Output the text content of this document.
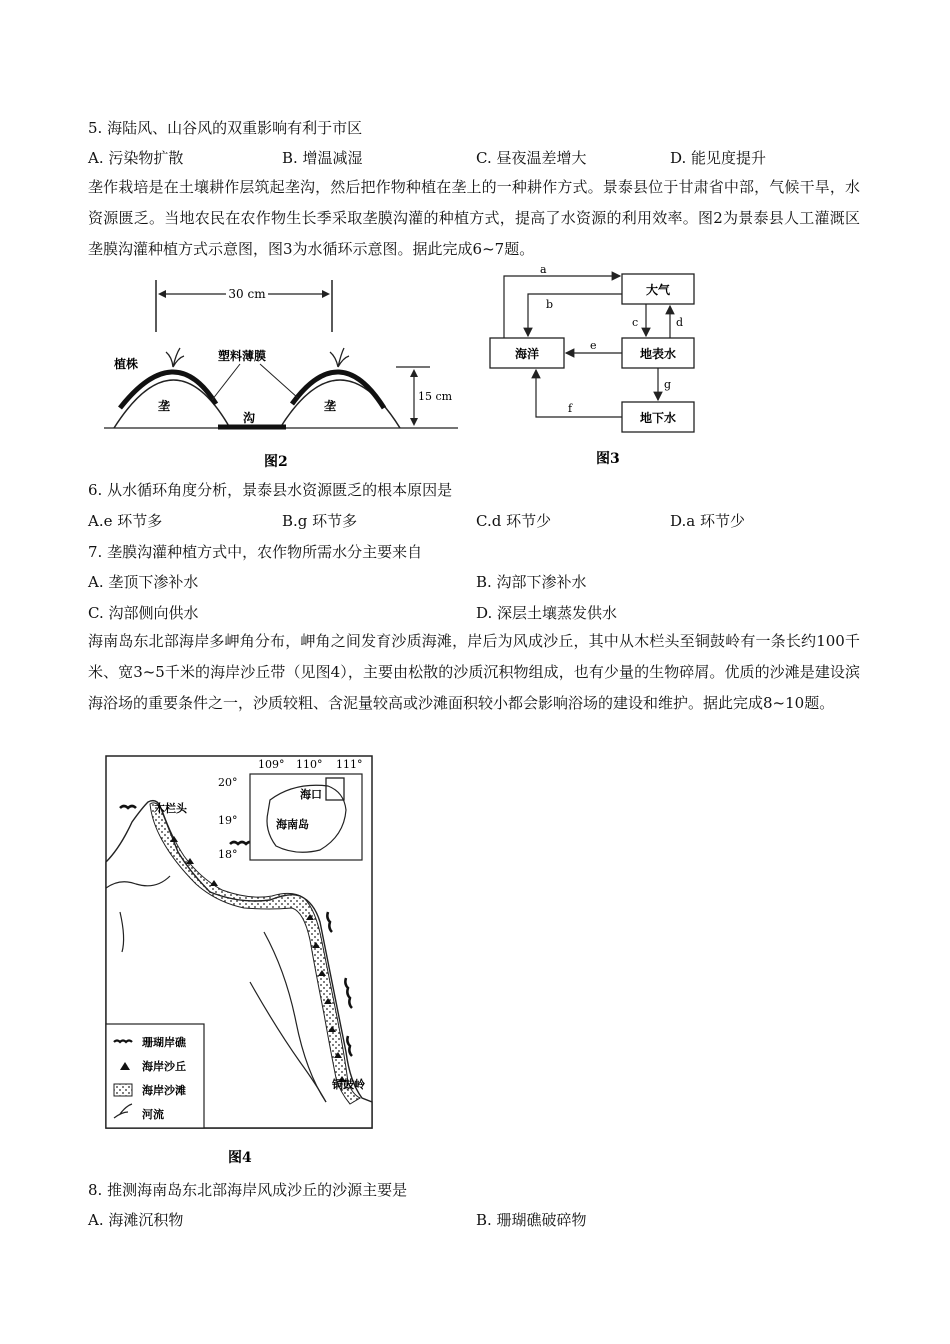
5. 海陆风、山谷风的双重影响有利于市区
A. 污染物扩散	B. 增温减湿	C. 昼夜温差增大	D. 能见度提升
垄作栽培是在土壤耕作层筑起垄沟，然后把作物种植在垄上的一种耕作方式。景泰县位于甘肃省中部，气候干旱，水资源匮乏。当地农民在农作物生长季采取垄膜沟灌的种植方式，提高了水资源的利用效率。图2为景泰县人工灌溉区垄膜沟灌种植方式示意图，图3为水循环示意图。据此完成6~7题。
30 cm
15 cm
植株
塑料薄膜
垄	垄
沟
图2
大气
海洋	地表水
地下水
a
b
c	d
e
g
f
图3
6. 从水循环角度分析，景泰县水资源匮乏的根本原因是
A.e 环节多	B.g 环节多	C.d 环节少	D.a 环节少
7. 垄膜沟灌种植方式中，农作物所需水分主要来自
A. 垄顶下渗补水	B. 沟部下渗补水
C. 沟部侧向供水	D. 深层土壤蒸发供水
海南岛东北部海岸多岬角分布，岬角之间发育沙质海滩，岸后为风成沙丘，其中从木栏头至铜鼓岭有一条长约100千米、宽3~5千米的海岸沙丘带（见图4），主要由松散的沙质沉积物组成，也有少量的生物碎屑。优质的沙滩是建设滨海浴场的重要条件之一，沙质较粗、含泥量较高或沙滩面积较小都会影响浴场的建设和维护。据此完成8~10题。
海口
海南岛
109° 110° 111°
20°
19°
18°
木栏头
铜鼓岭
珊瑚岸礁
海岸沙丘
海岸沙滩
河流
图4
8. 推测海南岛东北部海岸风成沙丘的沙源主要是
A. 海滩沉积物	B. 珊瑚礁破碎物
